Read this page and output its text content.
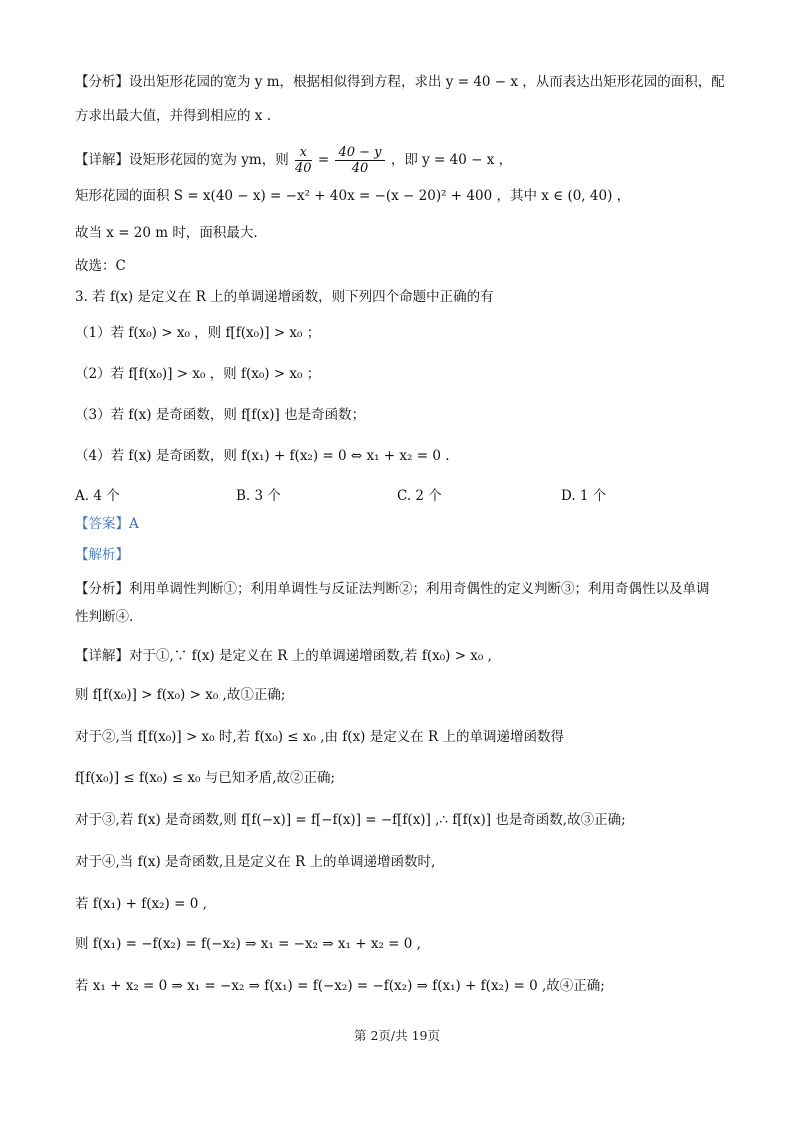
【分析】设出矩形花园的宽为 y m，根据相似得到方程，求出 y = 40 − x ，从而表达出矩形花园的面积，配
方求出最大值，并得到相应的 x .
【详解】设矩形花园的宽为 ym，则 $\frac{x}{40} = \frac{40 - y}{40}$ ，即 y = 40 − x ，
矩形花园的面积 S = x(40 − x) = −x² + 40x = −(x − 20)² + 400 ，其中 x ∈ (0, 40) ，
故当 x = 20 m 时，面积最大.
故选：C
3. 若 f(x) 是定义在 R 上的单调递增函数，则下列四个命题中正确的有
（1）若 f(x₀) > x₀ ，则 f[f(x₀)] > x₀ ；
（2）若 f[f(x₀)] > x₀ ，则 f(x₀) > x₀ ；
（3）若 f(x) 是奇函数，则 f[f(x)] 也是奇函数；
（4）若 f(x) 是奇函数，则 f(x₁) + f(x₂) = 0 ⇔ x₁ + x₂ = 0 .
A. 4 个	B. 3 个	C. 2 个	D. 1 个
【答案】A
【解析】
【分析】利用单调性判断①；利用单调性与反证法判断②；利用奇偶性的定义判断③；利用奇偶性以及单调
性判断④.
【详解】对于①,∵ f(x) 是定义在 R 上的单调递增函数,若 f(x₀) > x₀ ,
则 f[f(x₀)] > f(x₀) > x₀ ,故①正确;
对于②,当 f[f(x₀)] > x₀ 时,若 f(x₀) ≤ x₀ ,由 f(x) 是定义在 R 上的单调递增函数得
f[f(x₀)] ≤ f(x₀) ≤ x₀ 与已知矛盾,故②正确;
对于③,若 f(x) 是奇函数,则 f[f(−x)] = f[−f(x)] = −f[f(x)] ,∴ f[f(x)] 也是奇函数,故③正确;
对于④,当 f(x) 是奇函数,且是定义在 R 上的单调递增函数时,
若 f(x₁) + f(x₂) = 0 ,
则 f(x₁) = −f(x₂) = f(−x₂) ⇒ x₁ = −x₂ ⇒ x₁ + x₂ = 0 ,
若 x₁ + x₂ = 0 ⇒ x₁ = −x₂ ⇒ f(x₁) = f(−x₂) = −f(x₂) ⇒ f(x₁) + f(x₂) = 0 ,故④正确;
第 2页/共 19页
